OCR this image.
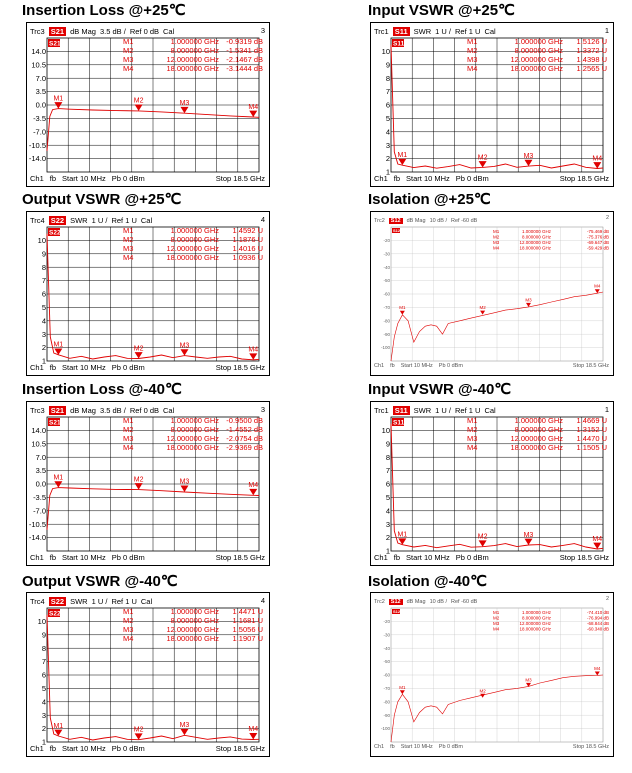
Insertion Loss @+25℃	Input VSWR @+25℃
Output VSWR @+25℃	Isolation @+25℃
Insertion Loss @-40℃	Input VSWR @-40℃
Output VSWR @-40℃	Isolation @-40℃
Trc3 S21 dB Mag 3.5 dB / Ref 0 dB Cal	3
Ch1 fb Start 10 MHz Pb 0 dBm	Stop 18.5 GHz
14.0
10.5
7.0
3.5
0.0
-3.5
-7.0
-10.5
-14.0
S21	M1	1.000000 GHz -0.9319 dB
M2	8.000000 GHz -1.5341 dB
M3	12.000000 GHz -2.1467 dB
M4	18.000000 GHz -3.1444 dB
M1	M2	M3
M4
Trc1 S11 SWR 1 U / Ref 1 U Cal	1
Ch1 fb Start 10 MHz Pb 0 dBm	Stop 18.5 GHz
10
9
8
7
6
5
4
3
2
1
S11	M1	1.000000 GHz 1.5126 U
M2	8.000000 GHz 1.3372 U
M3	12.000000 GHz 1.4398 U
M4	18.000000 GHz 1.2565 U
M1	M2	M3	M4
Trc4 S22 SWR 1 U / Ref 1 U Cal	4
Ch1 fb Start 10 MHz Pb 0 dBm	Stop 18.5 GHz
10
9
8
7
6
5
4
3
2
1
S22	M1	1.000000 GHz 1.4592 U
M2	8.000000 GHz 1.1876 U
M3	12.000000 GHz 1.4016 U
M4	18.000000 GHz 1.0936 U
M1
M2	M3
M4
Trc2	S12	dB Mag 10 dB / Ref -60 dB	2
Ch1 fb Start 10 MHz Pb 0 dBm	Stop 18.5 GHz
-20
-30
-40
-50
-60
-70
-80
-90
-100
S12	M1	1.000000 GHz	-75.469 dB
M2	8.000000 GHz	-75.376 dB
M3	12.000000 GHz	-69.647 dB
M4	18.000000 GHz	-59.429 dB
M1	M2
M3
M4
Trc3 S21 dB Mag 3.5 dB / Ref 0 dB Cal	3
Ch1 fb Start 10 MHz Pb 0 dBm	Stop 18.5 GHz
14.0
10.5
7.0
3.5
0.0
-3.5
-7.0
-10.5
-14.0
S21	M1	1.000000 GHz -0.9500 dB
M2	8.000000 GHz -1.4552 dB
M3	12.000000 GHz -2.0754 dB
M4	18.000000 GHz -2.9369 dB
M1	M2	M3	M4
Trc1 S11 SWR 1 U / Ref 1 U Cal	1
Ch1 fb Start 10 MHz Pb 0 dBm	Stop 18.5 GHz
10
9
8
7
6
5
4
3
2
1
S11	M1	1.000000 GHz 1.4669 U
M2	8.000000 GHz 1.3152 U
M3	12.000000 GHz 1.4470 U
M4	18.000000 GHz 1.1505 U
M1	M2	M3
M4
Trc4 S22 SWR 1 U / Ref 1 U Cal	4
Ch1 fb Start 10 MHz Pb 0 dBm	Stop 18.5 GHz
10
9
8
7
6
5
4
3
2
1
S22	M1	1.000000 GHz 1.4471 U
M2	8.000000 GHz 1.1681 U
M3	12.000000 GHz 1.5056 U
M4	18.000000 GHz 1.1907 U
M1
M2
M3
M4
Trc2	S12	dB Mag 10 dB / Ref -60 dB	2
Ch1 fb Start 10 MHz Pb 0 dBm	Stop 18.5 GHz
-20
-30
-40
-50
-60
-70
-80
-90
-100
S12	M1	1.000000 GHz	-74.410 dB
M2	8.000000 GHz	-76.994 dB
M3	12.000000 GHz	-68.844 dB
M4	18.000000 GHz	-60.340 dB
M1
M2
M3
M4
